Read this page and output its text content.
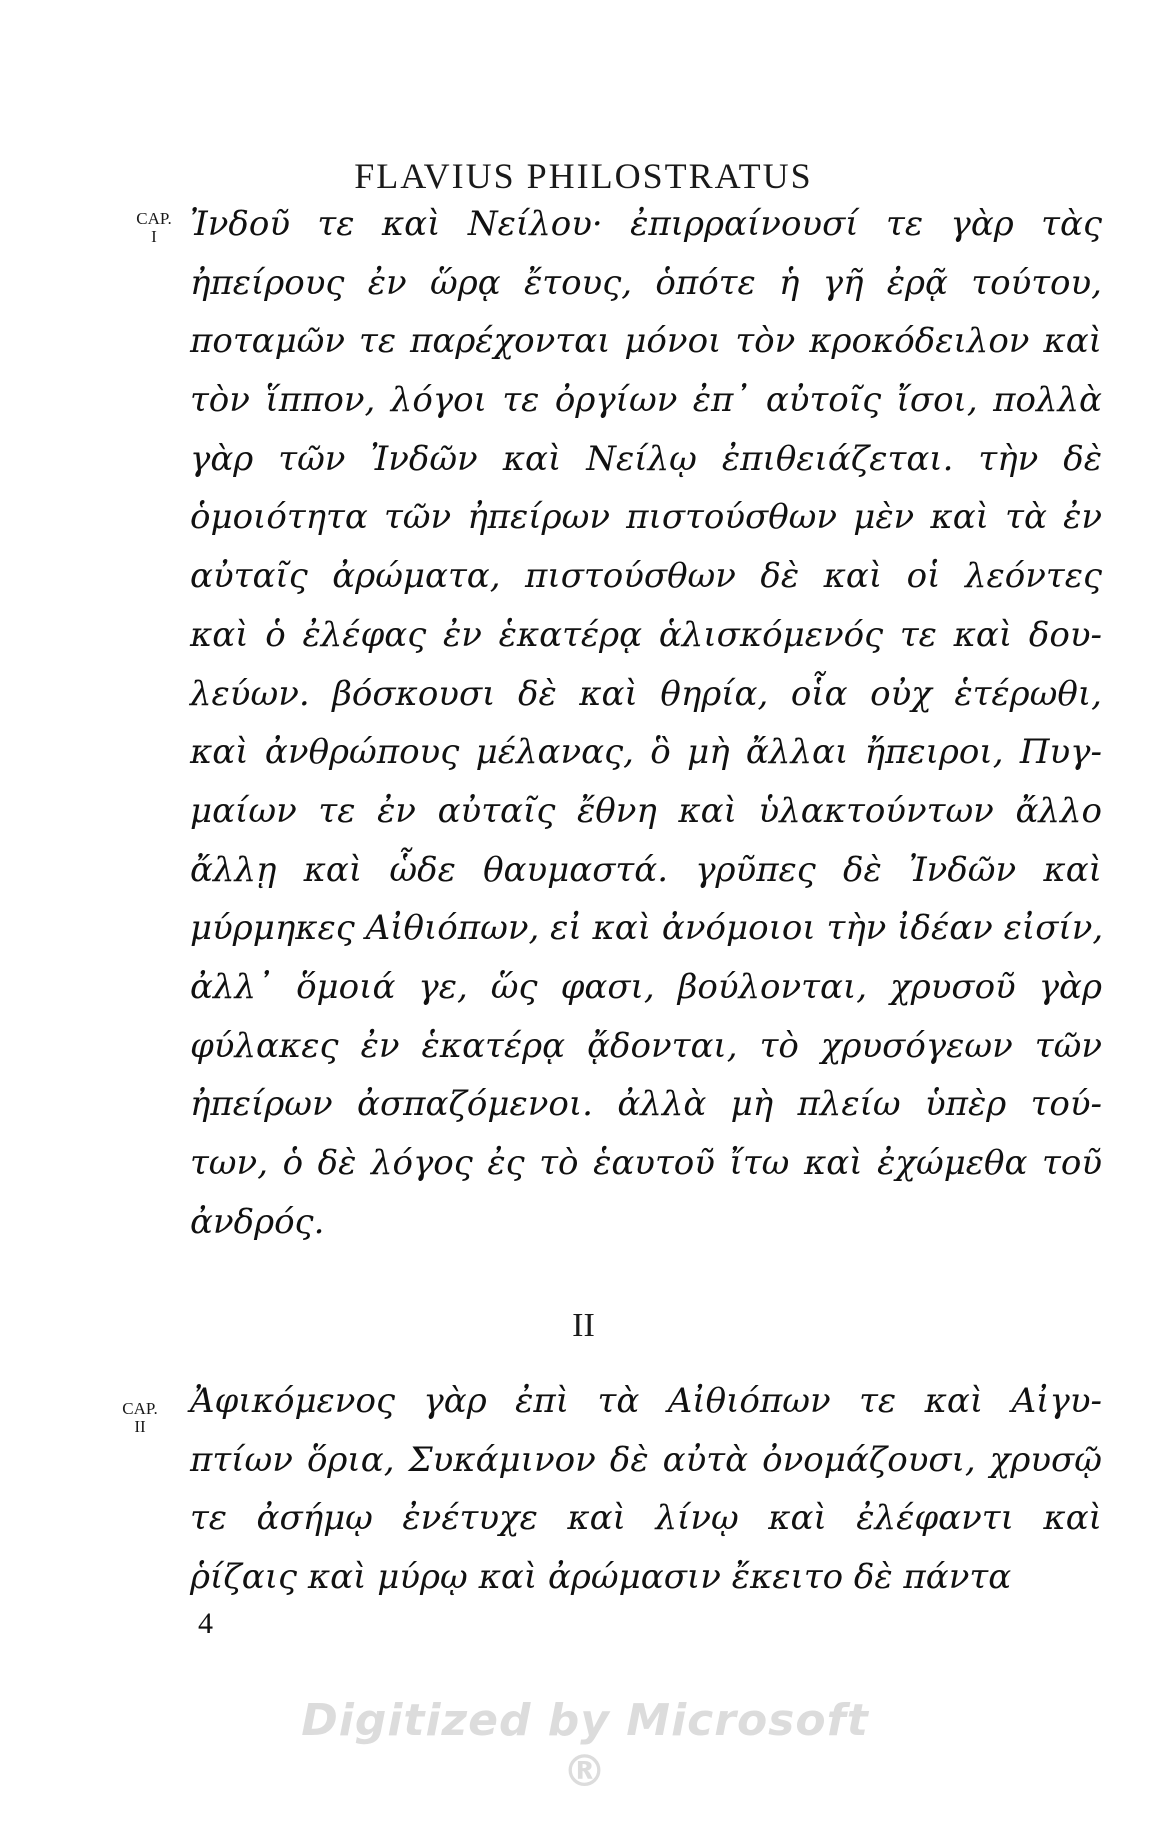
FLAVIUS PHILOSTRATUS
CAP.
I Ἰνδοῦ τε καὶ Νείλου· ἐπιρραίνουσί τε γὰρ τὰς
ἠπείρους ἐν ὥρᾳ ἔτους, ὁπότε ἡ γῆ ἐρᾷ τούτου,
ποταμῶν τε παρέχονται μόνοι τὸν κροκόδειλον καὶ
τὸν ἵππον, λόγοι τε ὀργίων ἐπ᾽ αὐτοῖς ἴσοι, πολλὰ
γὰρ τῶν Ἰνδῶν καὶ Νείλῳ ἐπιθειάζεται. τὴν δὲ
ὁμοιότητα τῶν ἠπείρων πιστούσθων μὲν καὶ τὰ ἐν
αὐταῖς ἀρώματα, πιστούσθων δὲ καὶ οἱ λεόντες
καὶ ὁ ἐλέφας ἐν ἑκατέρᾳ ἁλισκόμενός τε καὶ δου-
λεύων. βόσκουσι δὲ καὶ θηρία, οἷα οὐχ ἑτέρωθι,
καὶ ἀνθρώπους μέλανας, ὃ μὴ ἄλλαι ἤπειροι, Πυγ-
μαίων τε ἐν αὐταῖς ἔθνη καὶ ὑλακτούντων ἄλλο
ἄλλῃ καὶ ὧδε θαυμαστά. γρῦπες δὲ Ἰνδῶν καὶ
μύρμηκες Αἰθιόπων, εἰ καὶ ἀνόμοιοι τὴν ἰδέαν εἰσίν,
ἀλλ᾽ ὅμοιά γε, ὥς φασι, βούλονται, χρυσοῦ γὰρ
φύλακες ἐν ἑκατέρᾳ ᾄδονται, τὸ χρυσόγεων τῶν
ἠπείρων ἀσπαζόμενοι. ἀλλὰ μὴ πλείω ὑπὲρ τού-
των, ὁ δὲ λόγος ἐς τὸ ἑαυτοῦ ἴτω καὶ ἐχώμεθα τοῦ
ἀνδρός.
II
CAP.
II
Ἀφικόμενος γὰρ ἐπὶ τὰ Αἰθιόπων τε καὶ Αἰγυ-
πτίων ὅρια, Συκάμινον δὲ αὐτὰ ὀνομάζουσι, χρυσῷ
τε ἀσήμῳ ἐνέτυχε καὶ λίνῳ καὶ ἐλέφαντι καὶ
ῥίζαις καὶ μύρῳ καὶ ἀρώμασιν ἔκειτο δὲ πάντα
4
Digitized by Microsoft ®
